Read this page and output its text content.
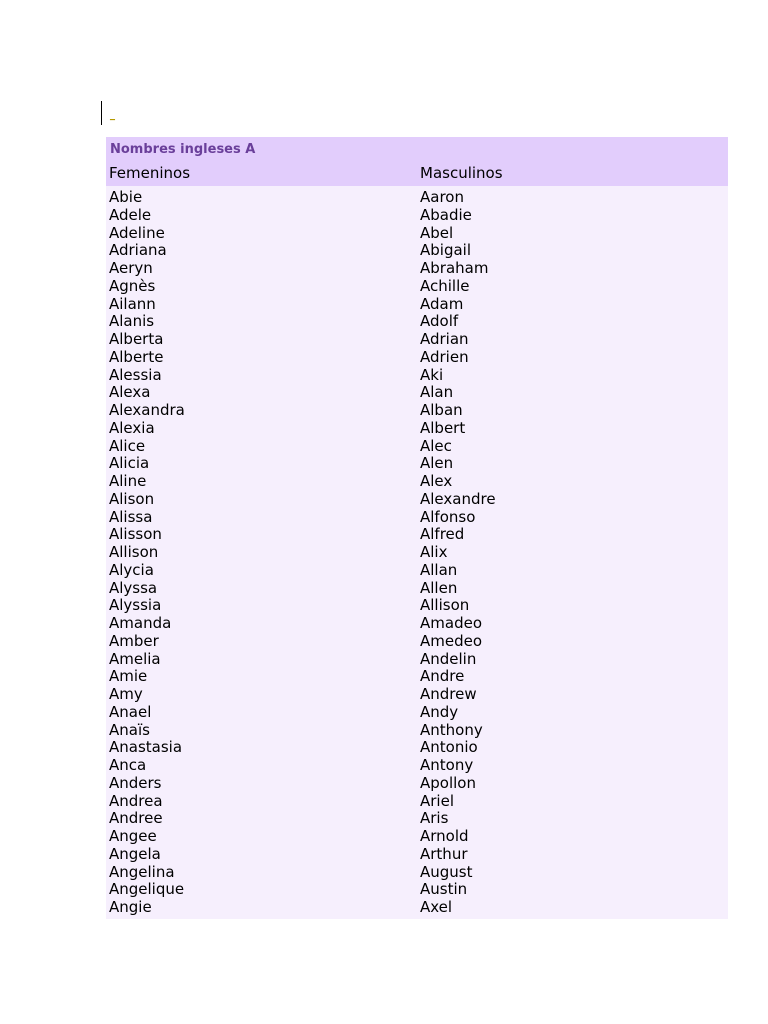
_
Nombres ingleses A
Femeninos	Masculinos
Abie	Aaron
Adele	Abadie
Adeline	Abel
Adriana	Abigail
Aeryn	Abraham
Agnès	Achille
Ailann	Adam
Alanis	Adolf
Alberta	Adrian
Alberte	Adrien
Alessia	Aki
Alexa	Alan
Alexandra	Alban
Alexia	Albert
Alice	Alec
Alicia	Alen
Aline	Alex
Alison	Alexandre
Alissa	Alfonso
Alisson	Alfred
Allison	Alix
Alycia	Allan
Alyssa	Allen
Alyssia	Allison
Amanda	Amadeo
Amber	Amedeo
Amelia	Andelin
Amie	Andre
Amy	Andrew
Anael	Andy
Anaïs	Anthony
Anastasia	Antonio
Anca	Antony
Anders	Apollon
Andrea	Ariel
Andree	Aris
Angee	Arnold
Angela	Arthur
Angelina	August
Angelique	Austin
Angie	Axel
